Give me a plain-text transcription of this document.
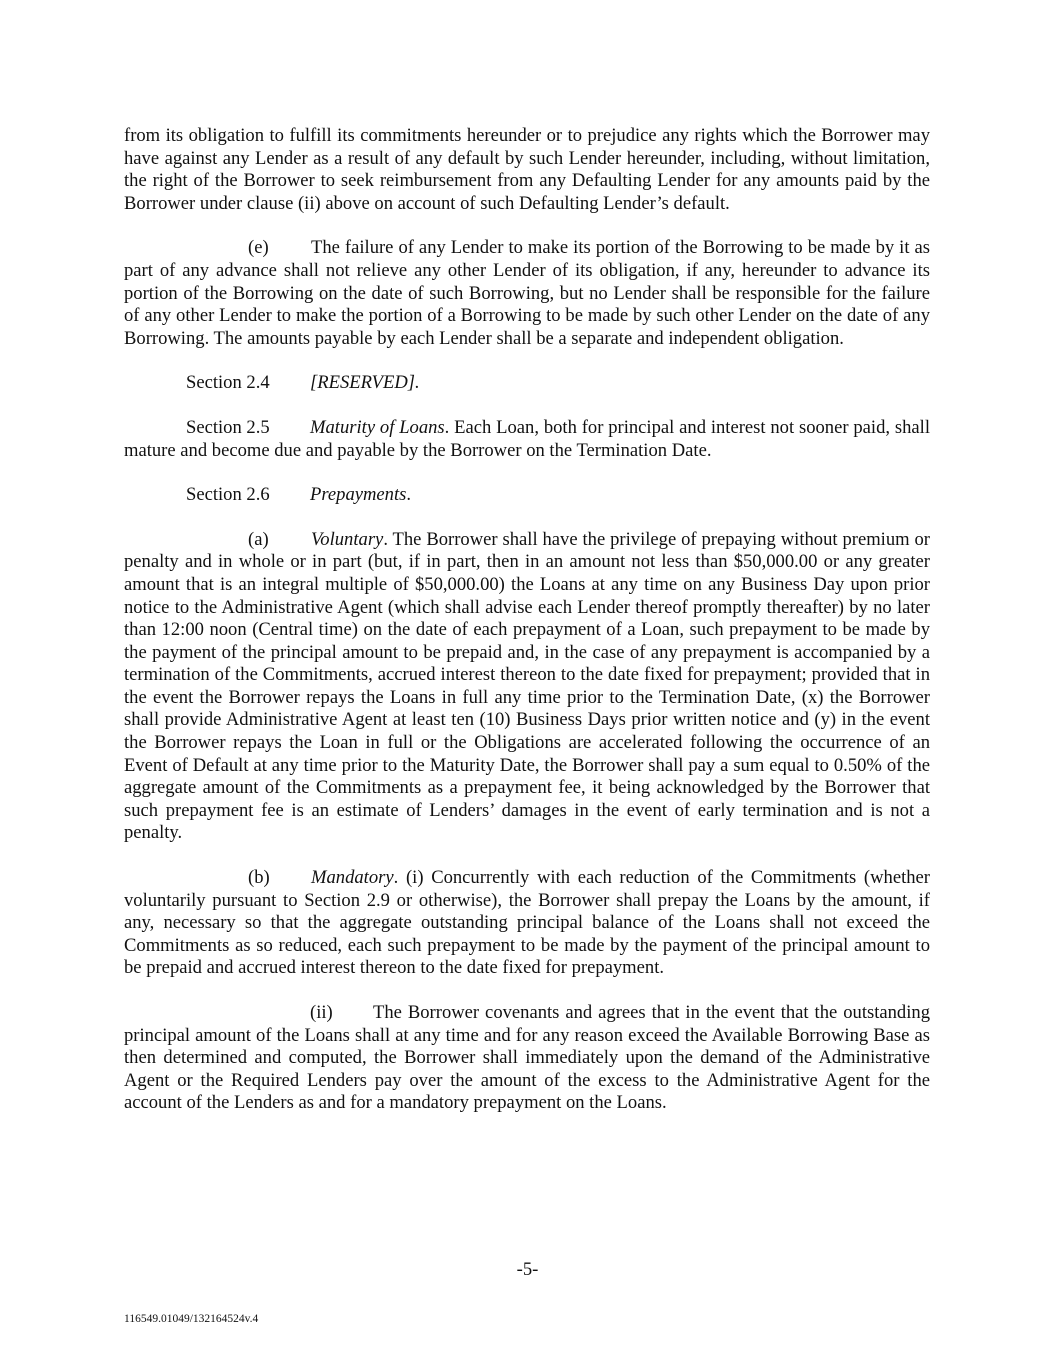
from its obligation to fulfill its commitments hereunder or to prejudice any rights which the Borrower may have against any Lender as a result of any default by such Lender hereunder, including, without limitation, the right of the Borrower to seek reimbursement from any Defaulting Lender for any amounts paid by the Borrower under clause (ii) above on account of such Defaulting Lender’s default.

(e) The failure of any Lender to make its portion of the Borrowing to be made by it as part of any advance shall not relieve any other Lender of its obligation, if any, hereunder to advance its portion of the Borrowing on the date of such Borrowing, but no Lender shall be responsible for the failure of any other Lender to make the portion of a Borrowing to be made by such other Lender on the date of any Borrowing. The amounts payable by each Lender shall be a separate and independent obligation.

Section 2.4 [RESERVED].
Section 2.5 Maturity of Loans. Each Loan, both for principal and interest not sooner paid, shall mature and become due and payable by the Borrower on the Termination Date.
Section 2.6 Prepayments.

(a) Voluntary. The Borrower shall have the privilege of prepaying without premium or penalty and in whole or in part (but, if in part, then in an amount not less than $50,000.00 or any greater amount that is an integral multiple of $50,000.00) the Loans at any time on any Business Day upon prior notice to the Administrative Agent (which shall advise each Lender thereof promptly thereafter) by no later than 12:00 noon (Central time) on the date of each prepayment of a Loan, such prepayment to be made by the payment of the principal amount to be prepaid and, in the case of any prepayment is accompanied by a termination of the Commitments, accrued interest thereon to the date fixed for prepayment; provided that in the event the Borrower repays the Loans in full any time prior to the Termination Date, (x) the Borrower shall provide Administrative Agent at least ten (10) Business Days prior written notice and (y) in the event the Borrower repays the Loan in full or the Obligations are accelerated following the occurrence of an Event of Default at any time prior to the Maturity Date, the Borrower shall pay a sum equal to 0.50% of the aggregate amount of the Commitments as a prepayment fee, it being acknowledged by the Borrower that such prepayment fee is an estimate of Lenders’ damages in the event of early termination and is not a penalty.

(b) Mandatory. (i) Concurrently with each reduction of the Commitments (whether voluntarily pursuant to Section 2.9 or otherwise), the Borrower shall prepay the Loans by the amount, if any, necessary so that the aggregate outstanding principal balance of the Loans shall not exceed the Commitments as so reduced, each such prepayment to be made by the payment of the principal amount to be prepaid and accrued interest thereon to the date fixed for prepayment.

(ii) The Borrower covenants and agrees that in the event that the outstanding principal amount of the Loans shall at any time and for any reason exceed the Available Borrowing Base as then determined and computed, the Borrower shall immediately upon the demand of the Administrative Agent or the Required Lenders pay over the amount of the excess to the Administrative Agent for the account of the Lenders as and for a mandatory prepayment on the Loans.

-5-
116549.01049/132164524v.4
